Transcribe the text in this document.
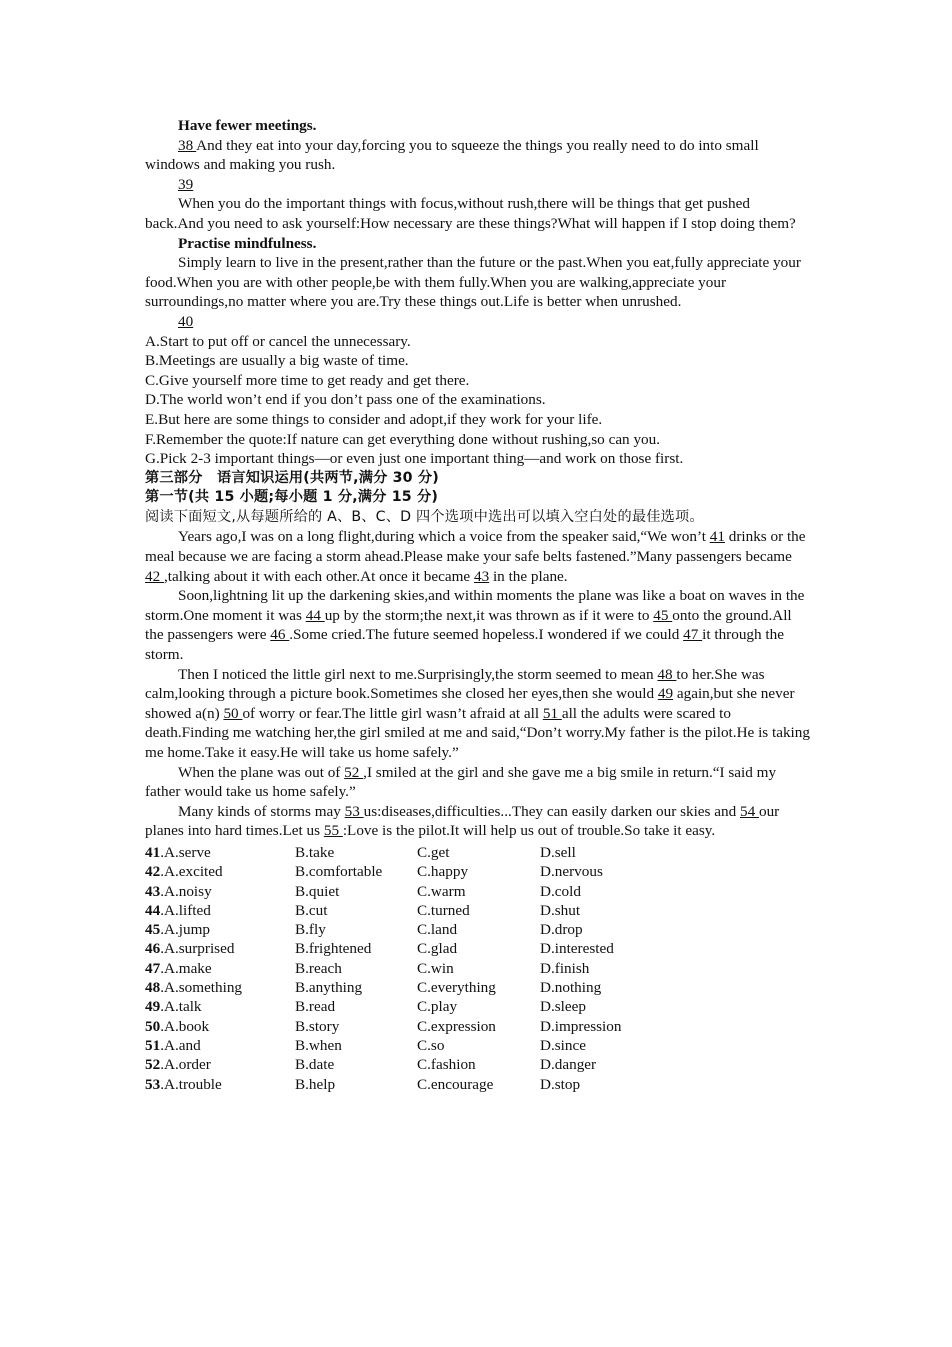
Have fewer meetings.

38 And they eat into your day,forcing you to squeeze the things you really need to do into small windows and making you rush.

39

When you do the important things with focus,without rush,there will be things that get pushed back.And you need to ask yourself:How necessary are these things?What will happen if I stop doing them?

Practise mindfulness.

Simply learn to live in the present,rather than the future or the past.When you eat,fully appreciate your food.When you are with other people,be with them fully.When you are walking,appreciate your surroundings,no matter where you are.Try these things out.Life is better when unrushed.

40

A.Start to put off or cancel the unnecessary.

B.Meetings are usually a big waste of time.

C.Give yourself more time to get ready and get there.

D.The world won’t end if you don’t pass one of the examinations.

E.But here are some things to consider and adopt,if they work for your life.

F.Remember the quote:If nature can get everything done without rushing,so can you.

G.Pick 2-3 important things—or even just one important thing—and work on those first.

第三部分　语言知识运用(共两节,满分 30 分)

第一节(共 15 小题;每小题 1 分,满分 15 分)

阅读下面短文,从每题所给的 A、B、C、D 四个选项中选出可以填入空白处的最佳选项。

Years ago,I was on a long flight,during which a voice from the speaker said,“We won’t 41 drinks or the meal because we are facing a storm ahead.Please make your safe belts fastened.”Many passengers became 42 ,talking about it with each other.At once it became 43 in the plane.

Soon,lightning lit up the darkening skies,and within moments the plane was like a boat on waves in the storm.One moment it was 44 up by the storm;the next,it was thrown as if it were to 45 onto the ground.All the passengers were 46 .Some cried.The future seemed hopeless.I wondered if we could 47 it through the storm.

Then I noticed the little girl next to me.Surprisingly,the storm seemed to mean 48 to her.She was calm,looking through a picture book.Sometimes she closed her eyes,then she would 49 again,but she never showed a(n) 50 of worry or fear.The little girl wasn’t afraid at all 51 all the adults were scared to death.Finding me watching her,the girl smiled at me and said,“Don’t worry.My father is the pilot.He is taking me home.Take it easy.He will take us home safely.”

When the plane was out of 52 ,I smiled at the girl and she gave me a big smile in return.“I said my father would take us home safely.”

Many kinds of storms may 53 us:diseases,difficulties...They can easily darken our skies and 54 our planes into hard times.Let us 55 :Love is the pilot.It will help us out of trouble.So take it easy.

41.A.serve	B.take	C.get	D.sell
42.A.excited	B.comfortable	C.happy	D.nervous
43.A.noisy	B.quiet	C.warm	D.cold
44.A.lifted	B.cut	C.turned	D.shut
45.A.jump	B.fly	C.land	D.drop
46.A.surprised	B.frightened	C.glad	D.interested
47.A.make	B.reach	C.win	D.finish
48.A.something	B.anything	C.everything	D.nothing
49.A.talk	B.read	C.play	D.sleep
50.A.book	B.story	C.expression	D.impression
51.A.and	B.when	C.so	D.since
52.A.order	B.date	C.fashion	D.danger
53.A.trouble	B.help	C.encourage	D.stop
